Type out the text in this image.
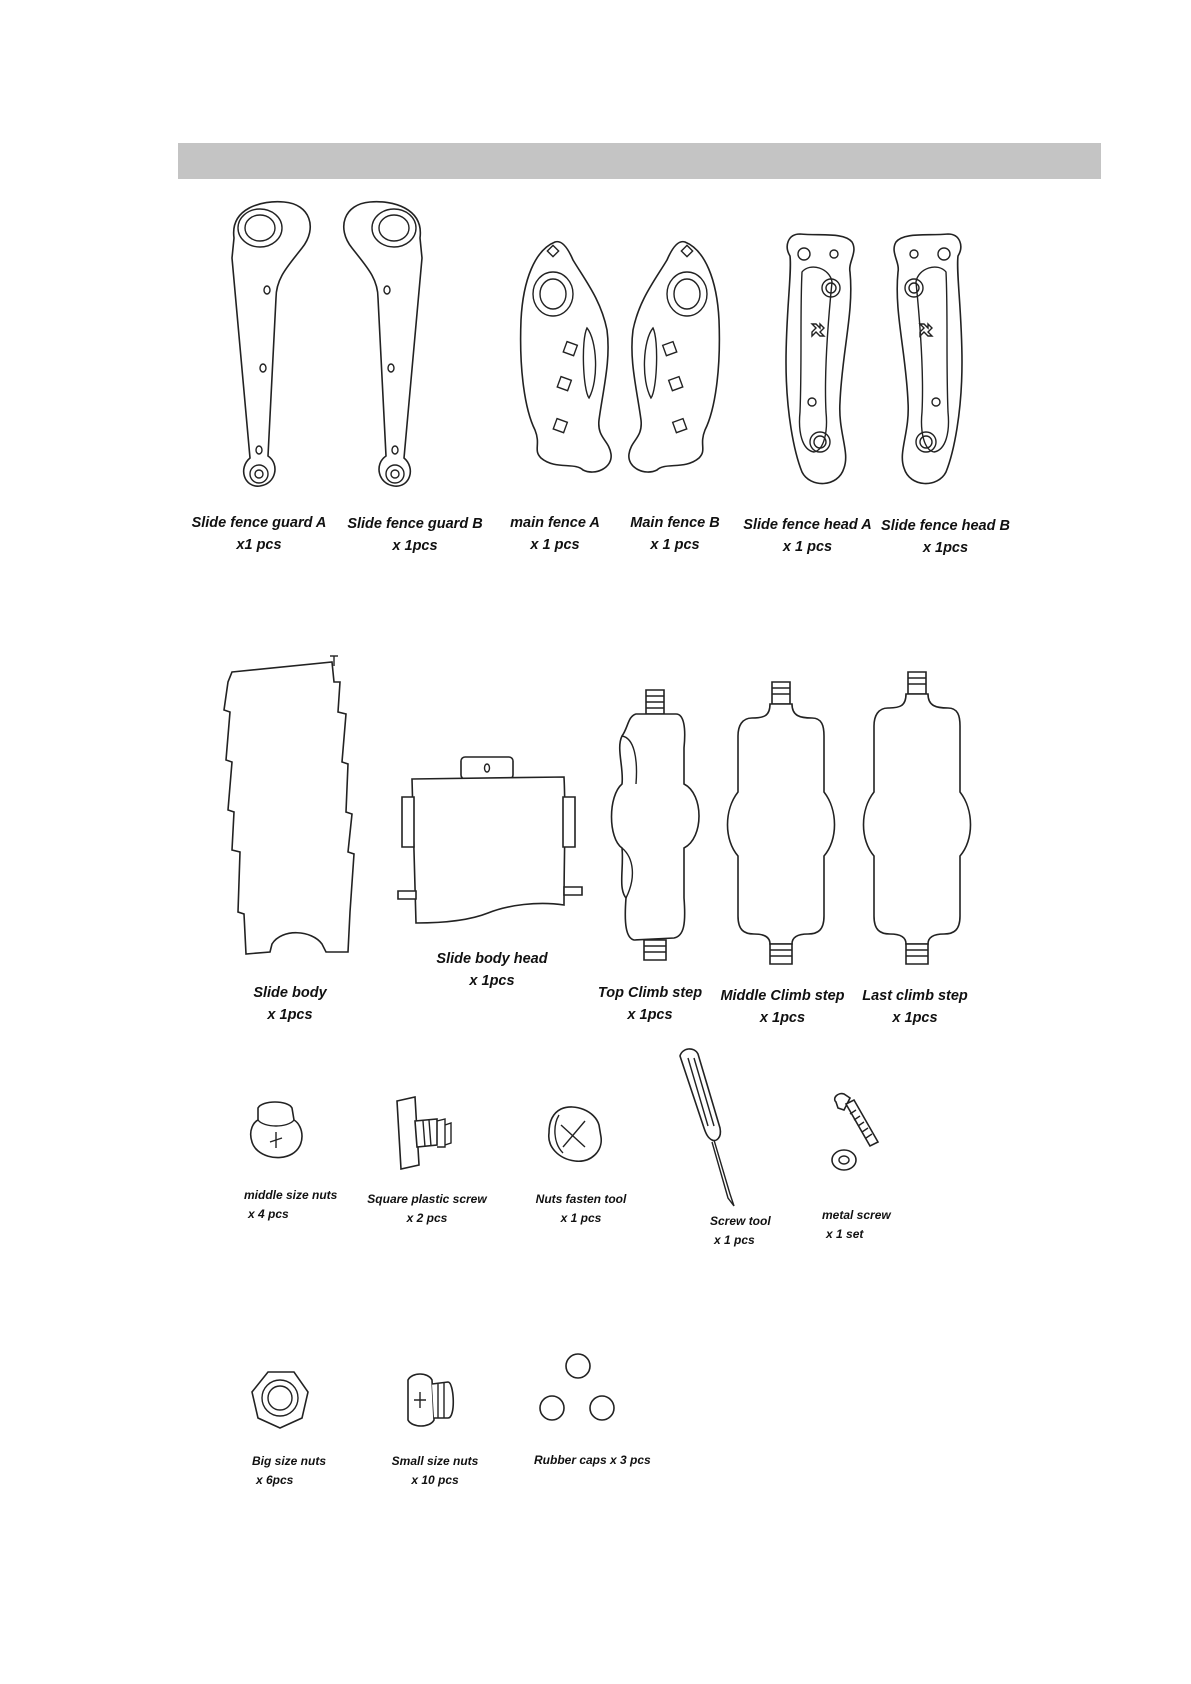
Slide fence guard A
x1 pcs
Slide fence guard B
x 1pcs
main fence A
x 1 pcs
Main fence B
x 1 pcs
Slide fence head A
x 1 pcs
Slide fence head B
x 1pcs
Slide body
x 1pcs
Slide body head
x 1pcs
Top Climb step
x 1pcs
Middle Climb step
x 1pcs
Last climb step
x 1pcs
middle size nuts
x 4 pcs
Square plastic screw
x 2 pcs
Nuts fasten tool
x 1 pcs	Screw tool
x 1 pcs
metal screw
x 1 set
Big size nuts
x 6pcs
Small size nuts
x 10 pcs
Rubber caps x 3 pcs
